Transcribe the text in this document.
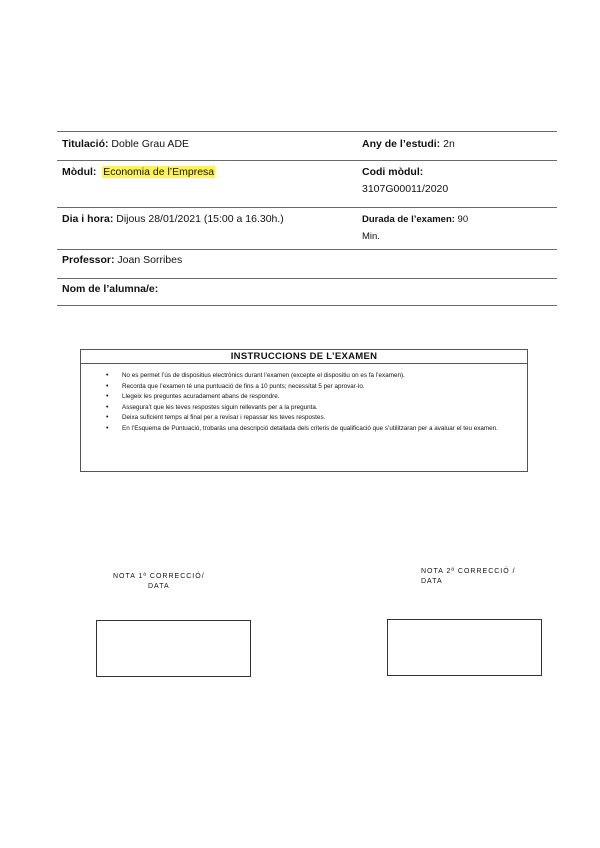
Titulació: Doble Grau ADE	Any de l’estudi: 2n
Mòdul: Economia de l’Empresa	Codi mòdul:
3107G00011/2020
Dia i hora: Dijous 28/01/2021 (15:00 a 16.30h.)	Durada de l’examen: 90
Min.
Professor: Joan Sorribes
Nom de l’alumna/e:
INSTRUCCIONS DE L’EXAMEN
• No es permet l’ús de dispositius electrònics durant l’examen (excepte el dispositiu on es fa l’examen).
• Recorda que l’examen té una puntuació de fins a 10 punts; necessitat 5 per aprovar-lo.
• Llegeix les preguntes acuradament abans de respondre.
• Assegura’t que les teves respostes siguin rellevants per a la pregunta.
• Deixa suficient temps al final per a revisar i repassar les teves respostes.
• En l’Esquema de Puntuació, trobaràs una descripció detallada dels criteris de qualificació que s’utilitzaran per a avaluar el teu examen.
NOTA 1ª CORRECCIÓ/
DATA
NOTA 2ª CORRECCIÓ /
DATA
